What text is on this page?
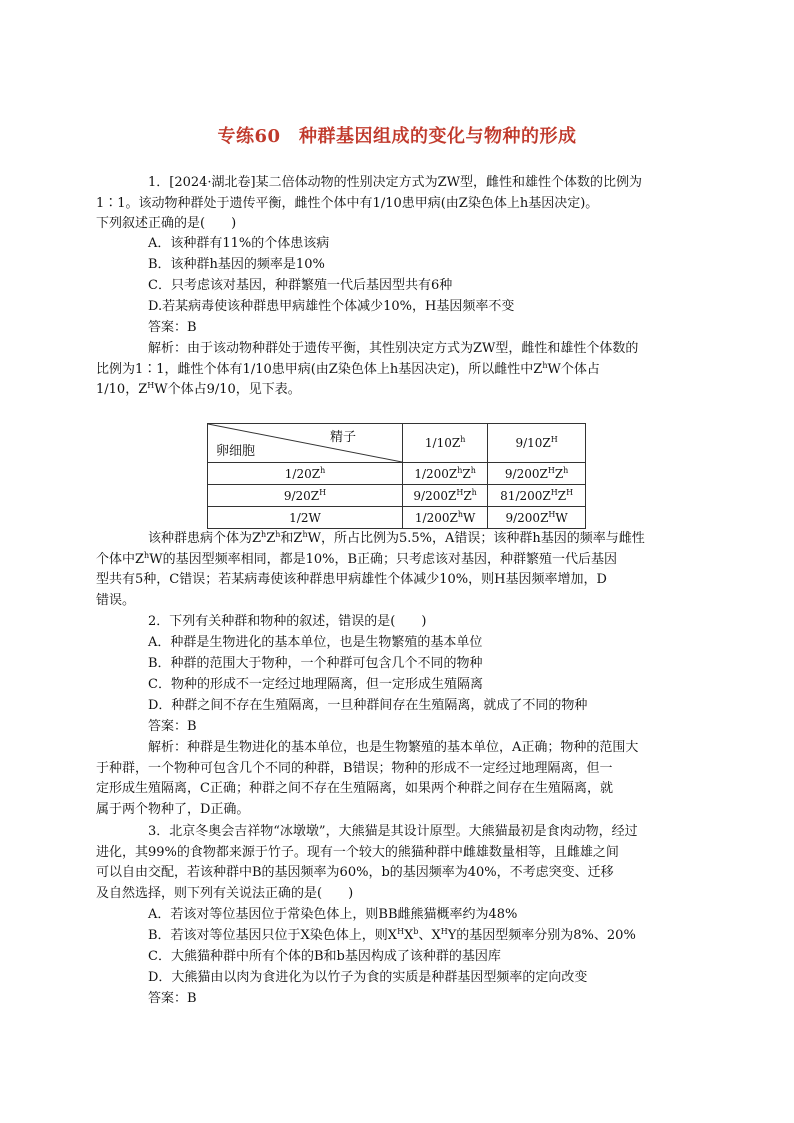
专练60　种群基因组成的变化与物种的形成
1．[2024·湖北卷]某二倍体动物的性别决定方式为ZW型，雌性和雄性个体数的比例为
1∶1。该动物种群处于遗传平衡，雌性个体中有1/10患甲病(由Z染色体上h基因决定)。
下列叙述正确的是(　　)
A．该种群有11%的个体患该病
B．该种群h基因的频率是10%
C．只考虑该对基因，种群繁殖一代后基因型共有6种
D.若某病毒使该种群患甲病雄性个体减少10%，H基因频率不变
答案：B
解析：由于该动物种群处于遗传平衡，其性别决定方式为ZW型，雌性和雄性个体数的
比例为1∶1，雌性个体有1/10患甲病(由Z染色体上h基因决定)，所以雌性中$Z^hW$个体占
1/10，$Z^HW$个体占9/10，见下表。
精子
卵细胞	$1/10Z^h$	$9/10Z^H$
$1/20Z^h$	$1/200Z^hZ^h$	$9/200Z^HZ^h$
$9/20Z^H$	$9/200Z^HZ^h$	$81/200Z^HZ^H$
1/2W	$1/200Z^hW$	$9/200Z^HW$
该种群患病个体为$Z^hZ^h$和$Z^hW$，所占比例为5.5%，A错误；该种群h基因的频率与雌性
个体中$Z^hW$的基因型频率相同，都是10%，B正确；只考虑该对基因，种群繁殖一代后基因
型共有5种，C错误；若某病毒使该种群患甲病雄性个体减少10%，则H基因频率增加，D
错误。
2．下列有关种群和物种的叙述，错误的是(　　)
A．种群是生物进化的基本单位，也是生物繁殖的基本单位
B．种群的范围大于物种，一个种群可包含几个不同的物种
C．物种的形成不一定经过地理隔离，但一定形成生殖隔离
D．种群之间不存在生殖隔离，一旦种群间存在生殖隔离，就成了不同的物种
答案：B
解析：种群是生物进化的基本单位，也是生物繁殖的基本单位，A正确；物种的范围大
于种群，一个物种可包含几个不同的种群，B错误；物种的形成不一定经过地理隔离，但一
定形成生殖隔离，C正确；种群之间不存在生殖隔离，如果两个种群之间存在生殖隔离，就
属于两个物种了，D正确。
3．北京冬奥会吉祥物“冰墩墩”，大熊猫是其设计原型。大熊猫最初是食肉动物，经过
进化，其99%的食物都来源于竹子。现有一个较大的熊猫种群中雌雄数量相等，且雌雄之间
可以自由交配，若该种群中B的基因频率为60%，b的基因频率为40%，不考虑突变、迁移
及自然选择，则下列有关说法正确的是(　　)
A．若该对等位基因位于常染色体上，则BB雌熊猫概率约为48%
B．若该对等位基因只位于X染色体上，则$X^HX^b$、$X^HY$的基因型频率分别为8%、20%
C．大熊猫种群中所有个体的B和b基因构成了该种群的基因库
D．大熊猫由以肉为食进化为以竹子为食的实质是种群基因型频率的定向改变
答案：B
